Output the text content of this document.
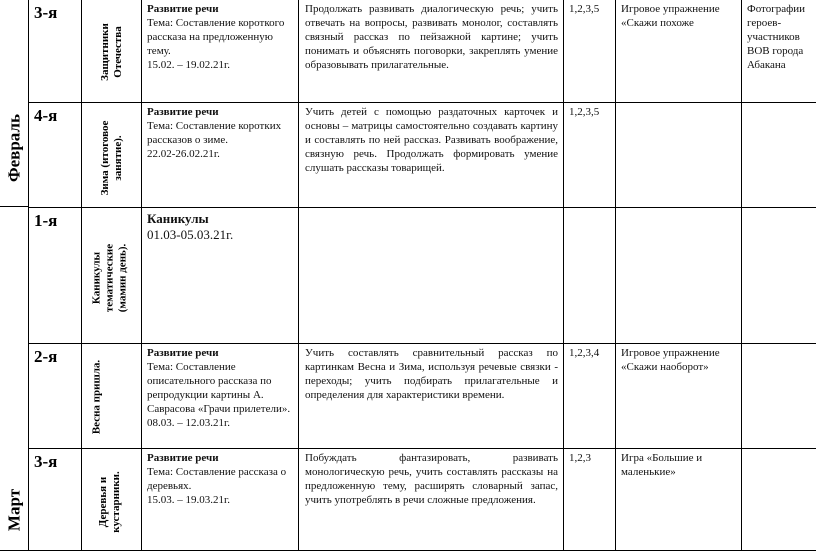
Февраль
Март
3-я
Защитники Отечества
Развитие речи
Тема: Составление короткого рассказа на предложенную тему.
15.02. – 19.02.21г.
Продолжать развивать диалогическую речь; учить отвечать на вопросы, развивать монолог, составлять связный рассказ по пейзажной картине; учить понимать и объяснять поговорки, закреплять умение образовывать прилагательные.
1,2,3,5 Игровое упражнение «Скажи похоже
Фотографии героев-участников ВОВ города Абакана
4-я
Зима (итоговое занятие).
Развитие речи
Тема: Составление коротких рассказов о зиме.
22.02-26.02.21г.
Учить детей с помощью раздаточных карточек и основы – матрицы самостоятельно создавать картину и составлять по ней рассказ. Развивать воображение, связную речь. Продолжать формировать умение слушать рассказы товарищей.
1,2,3,5
1-я
Каникулы тематические (мамин день).
Каникулы
01.03-05.03.21г.
2-я
Весна пришла.
Развитие речи
Тема: Составление описательного рассказа по репродукции картины А. Саврасова «Грачи прилетели».
08.03. – 12.03.21г.
Учить составлять сравнительный рассказ по картинкам Весна и Зима, используя речевые связки - переходы; учить подбирать прилагательные и определения для характеристики времени.
1,2,3,4 Игровое упражнение «Скажи наоборот»
3-я
Деревья и кустарники.
Развитие речи
Тема: Составление рассказа о деревьях.
15.03. – 19.03.21г.
Побуждать фантазировать, развивать монологическую речь, учить составлять рассказы на предложенную тему, расширять словарный запас, учить употреблять в речи сложные предложения.
1,2,3	Игра «Большие и маленькие»
